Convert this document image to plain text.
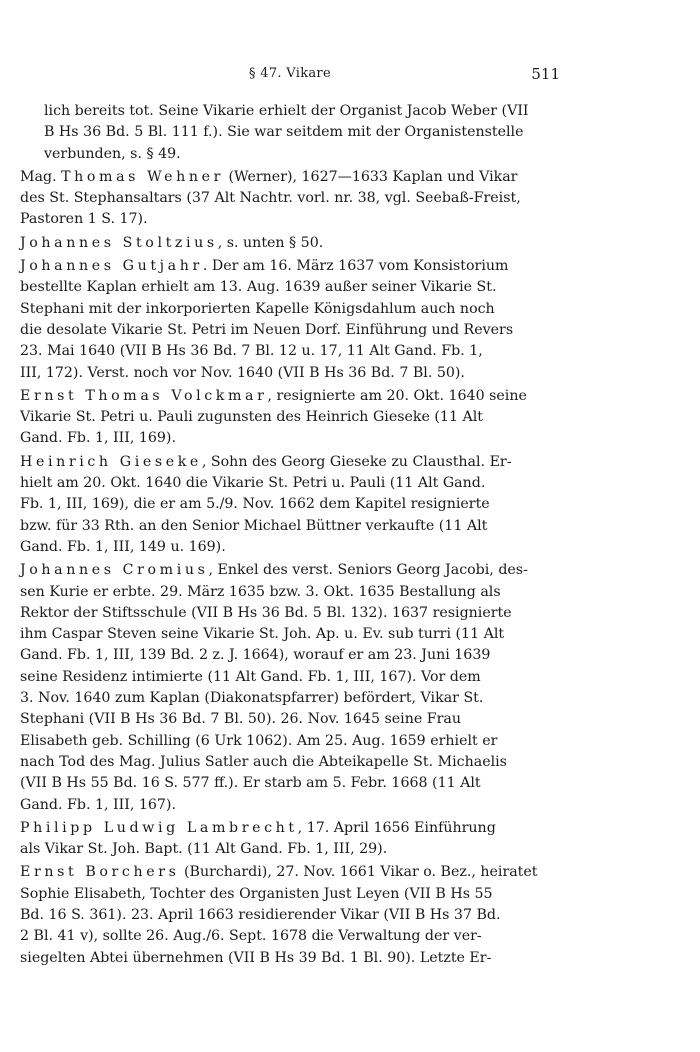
§ 47. Vikare	511
lich bereits tot. Seine Vikarie erhielt der Organist Jacob Weber (VII
B Hs 36 Bd. 5 Bl. 111 f.). Sie war seitdem mit der Organistenstelle
verbunden, s. § 49.
Mag. Thomas Wehner (Werner), 1627—1633 Kaplan und Vikar
des St. Stephansaltars (37 Alt Nachtr. vorl. nr. 38, vgl. Seebaß-Freist,
Pastoren 1 S. 17).
Johannes Stoltzius, s. unten § 50.
Johannes Gutjahr. Der am 16. März 1637 vom Konsistorium
bestellte Kaplan erhielt am 13. Aug. 1639 außer seiner Vikarie St.
Stephani mit der inkorporierten Kapelle Königsdahlum auch noch
die desolate Vikarie St. Petri im Neuen Dorf. Einführung und Revers
23. Mai 1640 (VII B Hs 36 Bd. 7 Bl. 12 u. 17, 11 Alt Gand. Fb. 1,
III, 172). Verst. noch vor Nov. 1640 (VII B Hs 36 Bd. 7 Bl. 50).
Ernst Thomas Volckmar, resignierte am 20. Okt. 1640 seine
Vikarie St. Petri u. Pauli zugunsten des Heinrich Gieseke (11 Alt
Gand. Fb. 1, III, 169).
Heinrich Gieseke, Sohn des Georg Gieseke zu Clausthal. Er-
hielt am 20. Okt. 1640 die Vikarie St. Petri u. Pauli (11 Alt Gand.
Fb. 1, III, 169), die er am 5./9. Nov. 1662 dem Kapitel resignierte
bzw. für 33 Rth. an den Senior Michael Büttner verkaufte (11 Alt
Gand. Fb. 1, III, 149 u. 169).
Johannes Cromius, Enkel des verst. Seniors Georg Jacobi, des-
sen Kurie er erbte. 29. März 1635 bzw. 3. Okt. 1635 Bestallung als
Rektor der Stiftsschule (VII B Hs 36 Bd. 5 Bl. 132). 1637 resignierte
ihm Caspar Steven seine Vikarie St. Joh. Ap. u. Ev. sub turri (11 Alt
Gand. Fb. 1, III, 139 Bd. 2 z. J. 1664), worauf er am 23. Juni 1639
seine Residenz intimierte (11 Alt Gand. Fb. 1, III, 167). Vor dem
3. Nov. 1640 zum Kaplan (Diakonatspfarrer) befördert, Vikar St.
Stephani (VII B Hs 36 Bd. 7 Bl. 50). 26. Nov. 1645 seine Frau
Elisabeth geb. Schilling (6 Urk 1062). Am 25. Aug. 1659 erhielt er
nach Tod des Mag. Julius Satler auch die Abteikapelle St. Michaelis
(VII B Hs 55 Bd. 16 S. 577 ff.). Er starb am 5. Febr. 1668 (11 Alt
Gand. Fb. 1, III, 167).
Philipp Ludwig Lambrecht, 17. April 1656 Einführung
als Vikar St. Joh. Bapt. (11 Alt Gand. Fb. 1, III, 29).
Ernst Borchers (Burchardi), 27. Nov. 1661 Vikar o. Bez., heiratet
Sophie Elisabeth, Tochter des Organisten Just Leyen (VII B Hs 55
Bd. 16 S. 361). 23. April 1663 residierender Vikar (VII B Hs 37 Bd.
2 Bl. 41 v), sollte 26. Aug./6. Sept. 1678 die Verwaltung der ver-
siegelten Abtei übernehmen (VII B Hs 39 Bd. 1 Bl. 90). Letzte Er-
